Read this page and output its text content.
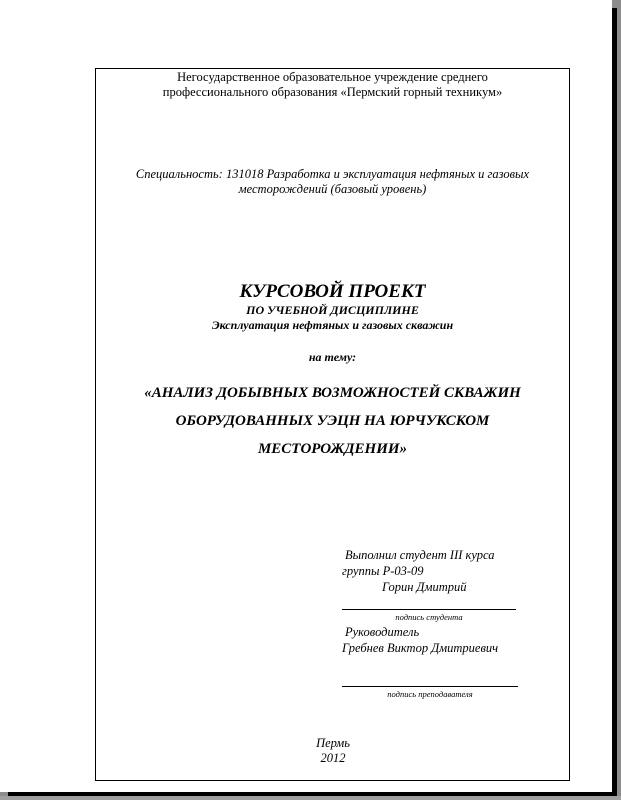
Негосударственное образовательное учреждение среднего
профессионального образования «Пермский горный техникум»
Специальность: 131018 Разработка и эксплуатация нефтяных и газовых
месторождений (базовый уровень)
КУРСОВОЙ ПРОЕКТ
ПО УЧЕБНОЙ ДИСЦИПЛИНЕ
Эксплуатация нефтяных и газовых скважин
на тему:
«АНАЛИЗ ДОБЫВНЫХ ВОЗМОЖНОСТЕЙ СКВАЖИН
ОБОРУДОВАННЫХ УЭЦН НА ЮРЧУКСКОМ
МЕСТОРОЖДЕНИИ»
Выполнил студент III курса
группы Р-03-09
Горин Дмитрий
подпись студента
Руководитель
Гребнев Виктор Дмитриевич
подпись преподавателя
Пермь
2012
